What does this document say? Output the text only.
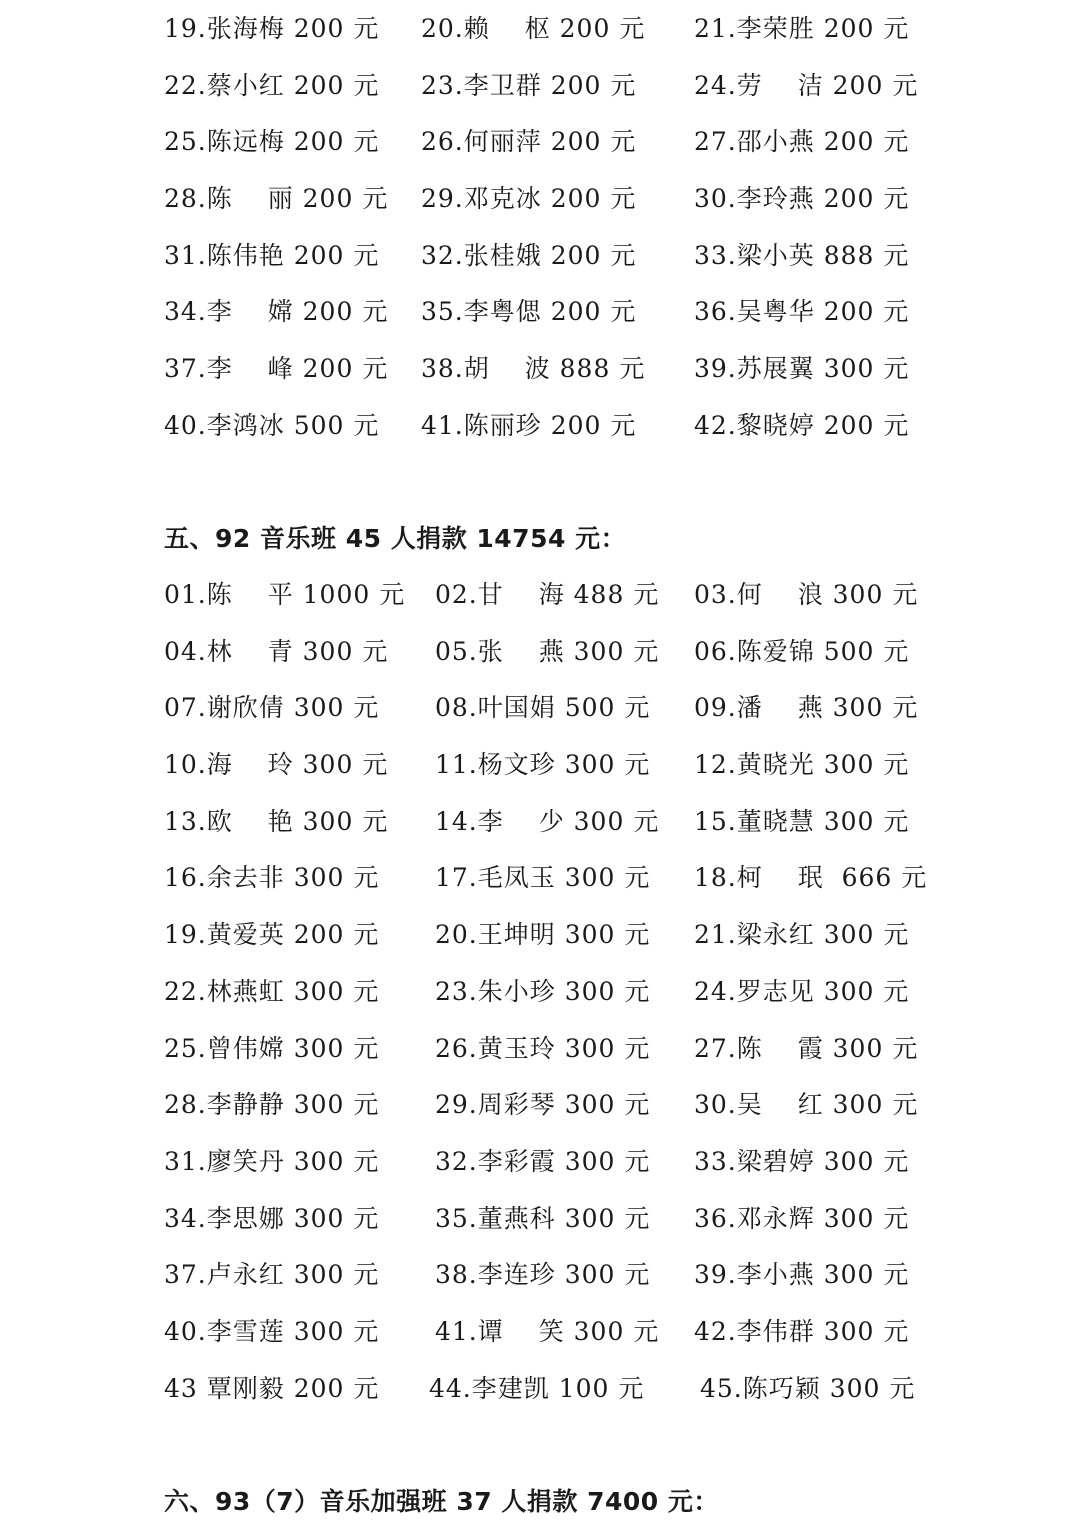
19.张海梅 200 元 20.赖　 枢 200 元 21.李荣胜 200 元
22.蔡小红 200 元 23.李卫群 200 元 24.劳　 洁 200 元
25.陈远梅 200 元 26.何丽萍 200 元 27.邵小燕 200 元
28.陈　 丽 200 元 29.邓克冰 200 元 30.李玲燕 200 元
31.陈伟艳 200 元 32.张桂娥 200 元 33.梁小英 888 元
34.李　 嫦 200 元 35.李粤偲 200 元 36.吴粤华 200 元
37.李　 峰 200 元 38.胡　 波 888 元 39.苏展翼 300 元
40.李鸿冰 500 元 41.陈丽珍 200 元 42.黎晓婷 200 元
五、92 音乐班 45 人捐款 14754 元：
01.陈　 平 1000 元 02.甘　 海 488 元 03.何　 浪 300 元
04.林　 青 300 元 05.张　 燕 300 元 06.陈爱锦 500 元
07.谢欣倩 300 元 08.叶国娟 500 元 09.潘　 燕 300 元
10.海　 玲 300 元 11.杨文珍 300 元 12.黄晓光 300 元
13.欧　 艳 300 元 14.李　 少 300 元 15.董晓慧 300 元
16.余去非 300 元 17.毛凤玉 300 元 18.柯　 珉  666 元
19.黄爱英 200 元 20.王坤明 300 元 21.梁永红 300 元
22.林燕虹 300 元 23.朱小珍 300 元 24.罗志见 300 元
25.曾伟嫦 300 元 26.黄玉玲 300 元 27.陈　 霞 300 元
28.李静静 300 元 29.周彩琴 300 元 30.吴　 红 300 元
31.廖笑丹 300 元 32.李彩霞 300 元 33.梁碧婷 300 元
34.李思娜 300 元 35.董燕科 300 元 36.邓永辉 300 元
37.卢永红 300 元 38.李连珍 300 元 39.李小燕 300 元
40.李雪莲 300 元 41.谭　 笑 300 元 42.李伟群 300 元
43 覃刚毅 200 元 44.李建凯 100 元 45.陈巧颖 300 元
六、93（7）音乐加强班 37 人捐款 7400 元：
